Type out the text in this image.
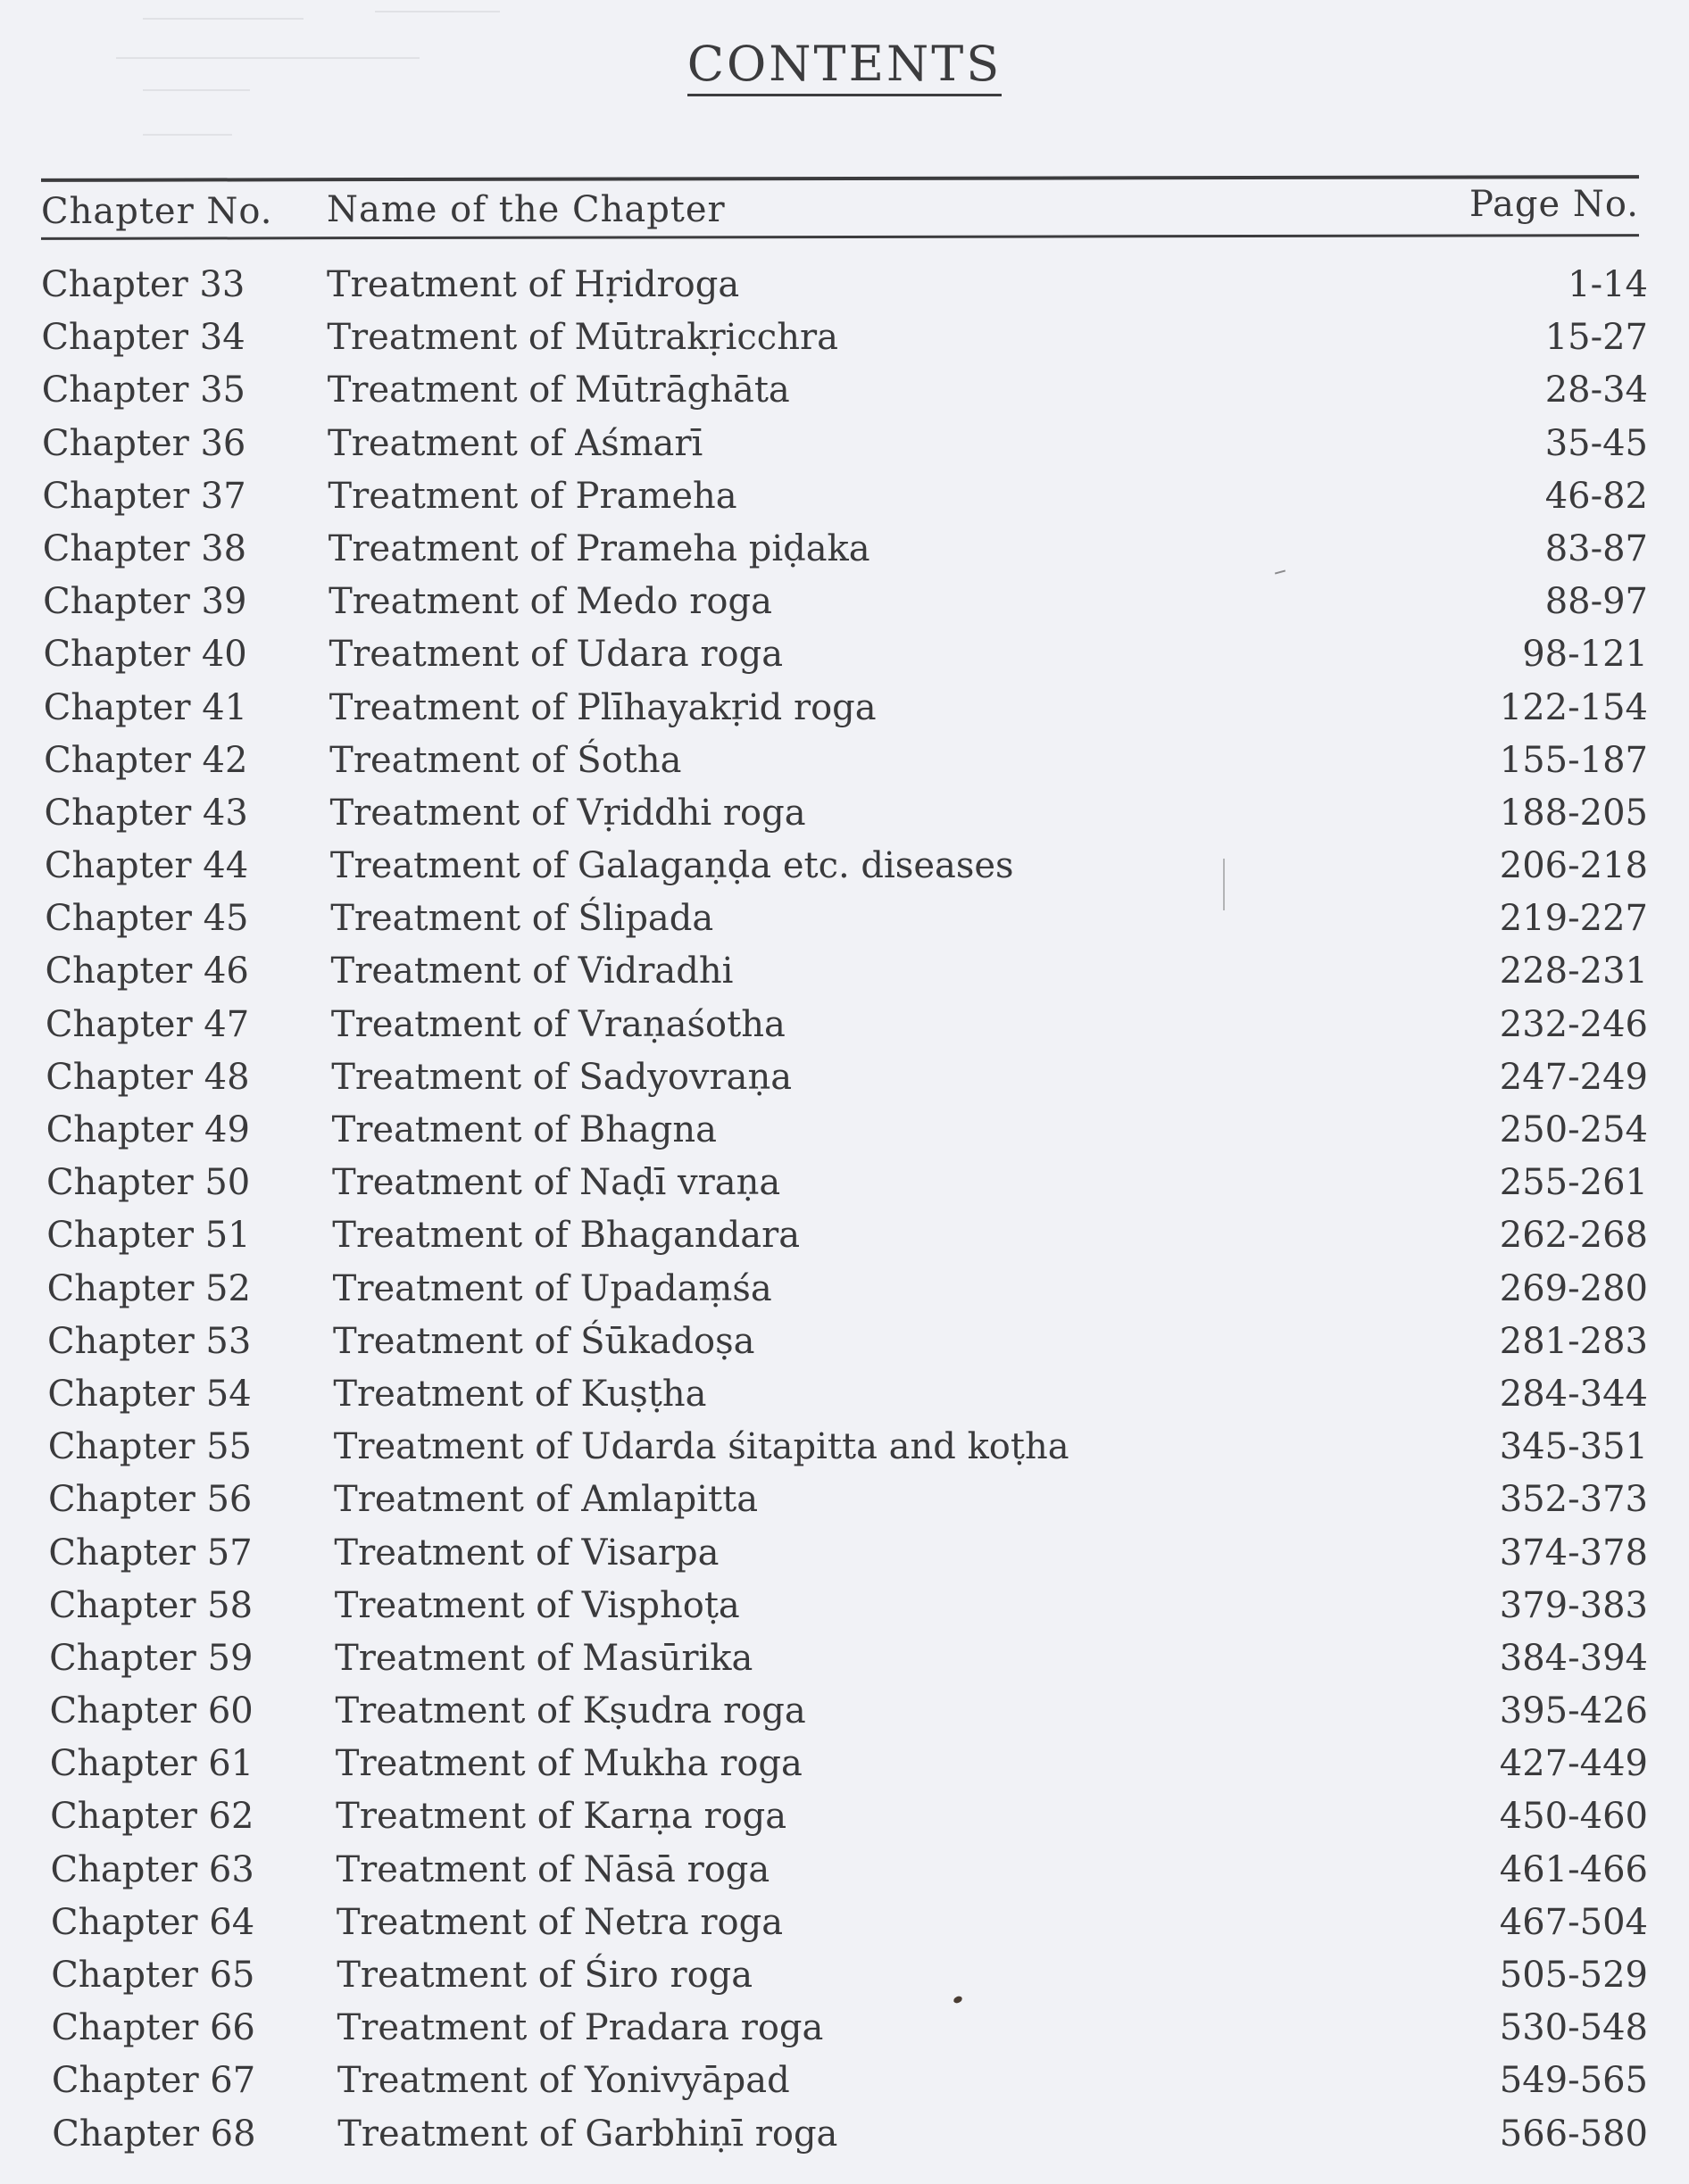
CONTENTS
Chapter No. Name of the Chapter	Page No.
Chapter 33 Treatment of Hṛidroga	1-14
Chapter 34 Treatment of Mūtrakṛicchra	15-27
Chapter 35 Treatment of Mūtrāghāta	28-34
Chapter 36 Treatment of Aśmarī	35-45
Chapter 37 Treatment of Prameha	46-82
Chapter 38 Treatment of Prameha piḍaka	83-87
Chapter 39 Treatment of Medo roga	88-97
Chapter 40 Treatment of Udara roga	98-121
Chapter 41 Treatment of Plīhayakṛid roga	122-154
Chapter 42 Treatment of Śotha	155-187
Chapter 43 Treatment of Vṛiddhi roga	188-205
Chapter 44 Treatment of Galagaṇḍa etc. diseases	206-218
Chapter 45 Treatment of Ślipada	219-227
Chapter 46 Treatment of Vidradhi	228-231
Chapter 47 Treatment of Vraṇaśotha	232-246
Chapter 48 Treatment of Sadyovraṇa	247-249
Chapter 49 Treatment of Bhagna	250-254
Chapter 50 Treatment of Naḍī vraṇa	255-261
Chapter 51 Treatment of Bhagandara	262-268
Chapter 52 Treatment of Upadaṃśa	269-280
Chapter 53 Treatment of Śūkadoṣa	281-283
Chapter 54 Treatment of Kuṣṭha	284-344
Chapter 55 Treatment of Udarda śitapitta and koṭha	345-351
Chapter 56 Treatment of Amlapitta	352-373
Chapter 57 Treatment of Visarpa	374-378
Chapter 58 Treatment of Visphoṭa	379-383
Chapter 59 Treatment of Masūrika	384-394
Chapter 60 Treatment of Kṣudra roga	395-426
Chapter 61 Treatment of Mukha roga	427-449
Chapter 62 Treatment of Karṇa roga	450-460
Chapter 63 Treatment of Nāsā roga	461-466
Chapter 64 Treatment of Netra roga	467-504
Chapter 65 Treatment of Śiro roga	505-529
Chapter 66 Treatment of Pradara roga	530-548
Chapter 67 Treatment of Yonivyāpad	549-565
Chapter 68 Treatment of Garbhiṇī roga	566-580
